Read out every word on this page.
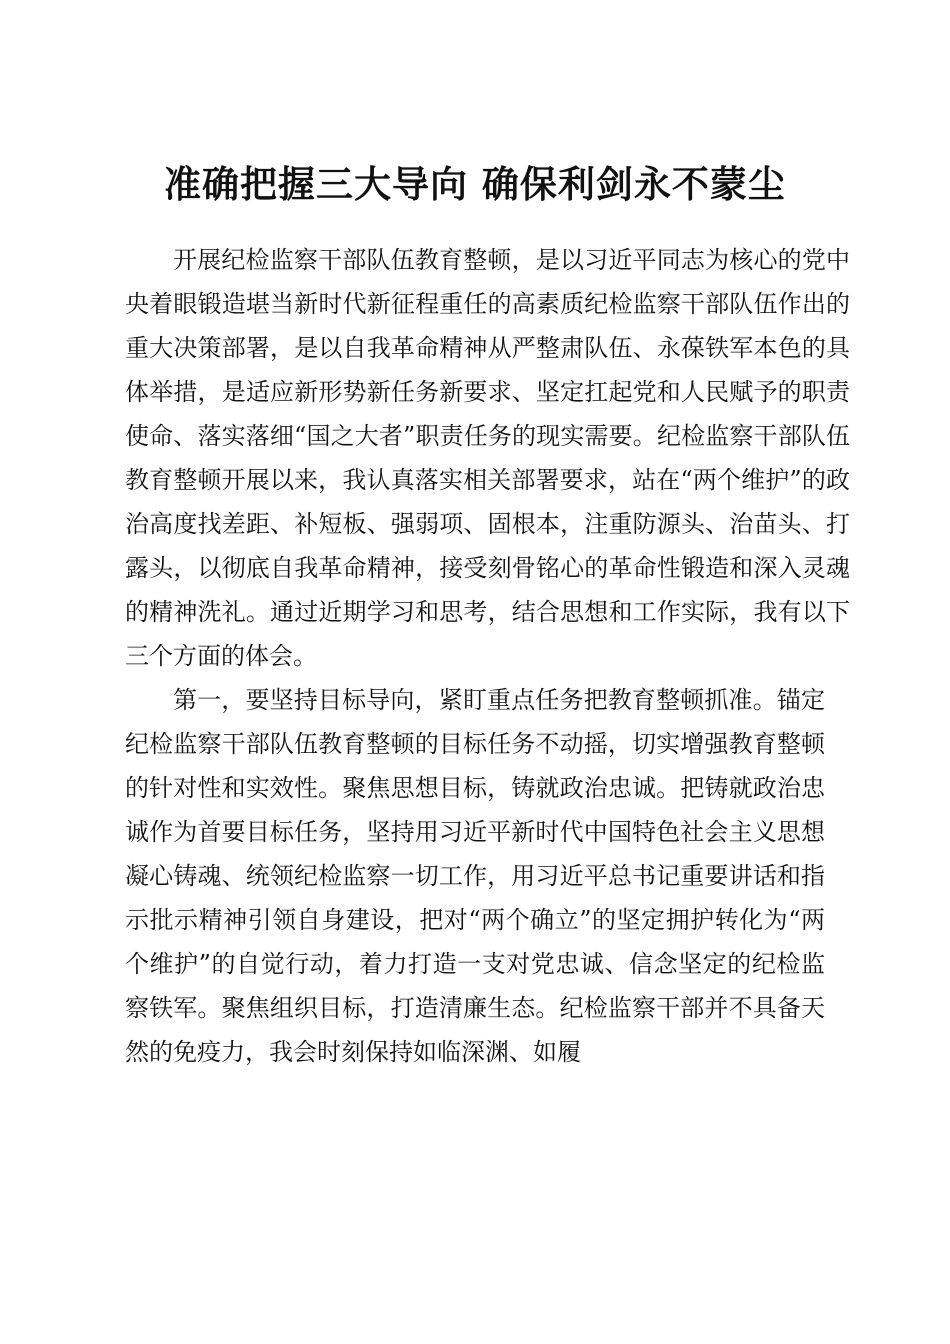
准确把握三大导向 确保利剑永不蒙尘

开展纪检监察干部队伍教育整顿，是以习近平同志为核心的党中央着眼锻造堪当新时代新征程重任的高素质纪检监察干部队伍作出的重大决策部署，是以自我革命精神从严整肃队伍、永葆铁军本色的具体举措，是适应新形势新任务新要求、坚定扛起党和人民赋予的职责使命、落实落细“国之大者”职责任务的现实需要。纪检监察干部队伍教育整顿开展以来，我认真落实相关部署要求，站在“两个维护”的政治高度找差距、补短板、强弱项、固根本，注重防源头、治苗头、打露头，以彻底自我革命精神，接受刻骨铭心的革命性锻造和深入灵魂的精神洗礼。通过近期学习和思考，结合思想和工作实际，我有以下三个方面的体会。

第一，要坚持目标导向，紧盯重点任务把教育整顿抓准。锚定纪检监察干部队伍教育整顿的目标任务不动摇，切实增强教育整顿的针对性和实效性。聚焦思想目标，铸就政治忠诚。把铸就政治忠诚作为首要目标任务，坚持用习近平新时代中国特色社会主义思想凝心铸魂、统领纪检监察一切工作，用习近平总书记重要讲话和指示批示精神引领自身建设，把对“两个确立”的坚定拥护转化为“两个维护”的自觉行动，着力打造一支对党忠诚、信念坚定的纪检监察铁军。聚焦组织目标，打造清廉生态。纪检监察干部并不具备天然的免疫力，我会时刻保持如临深渊、如履
